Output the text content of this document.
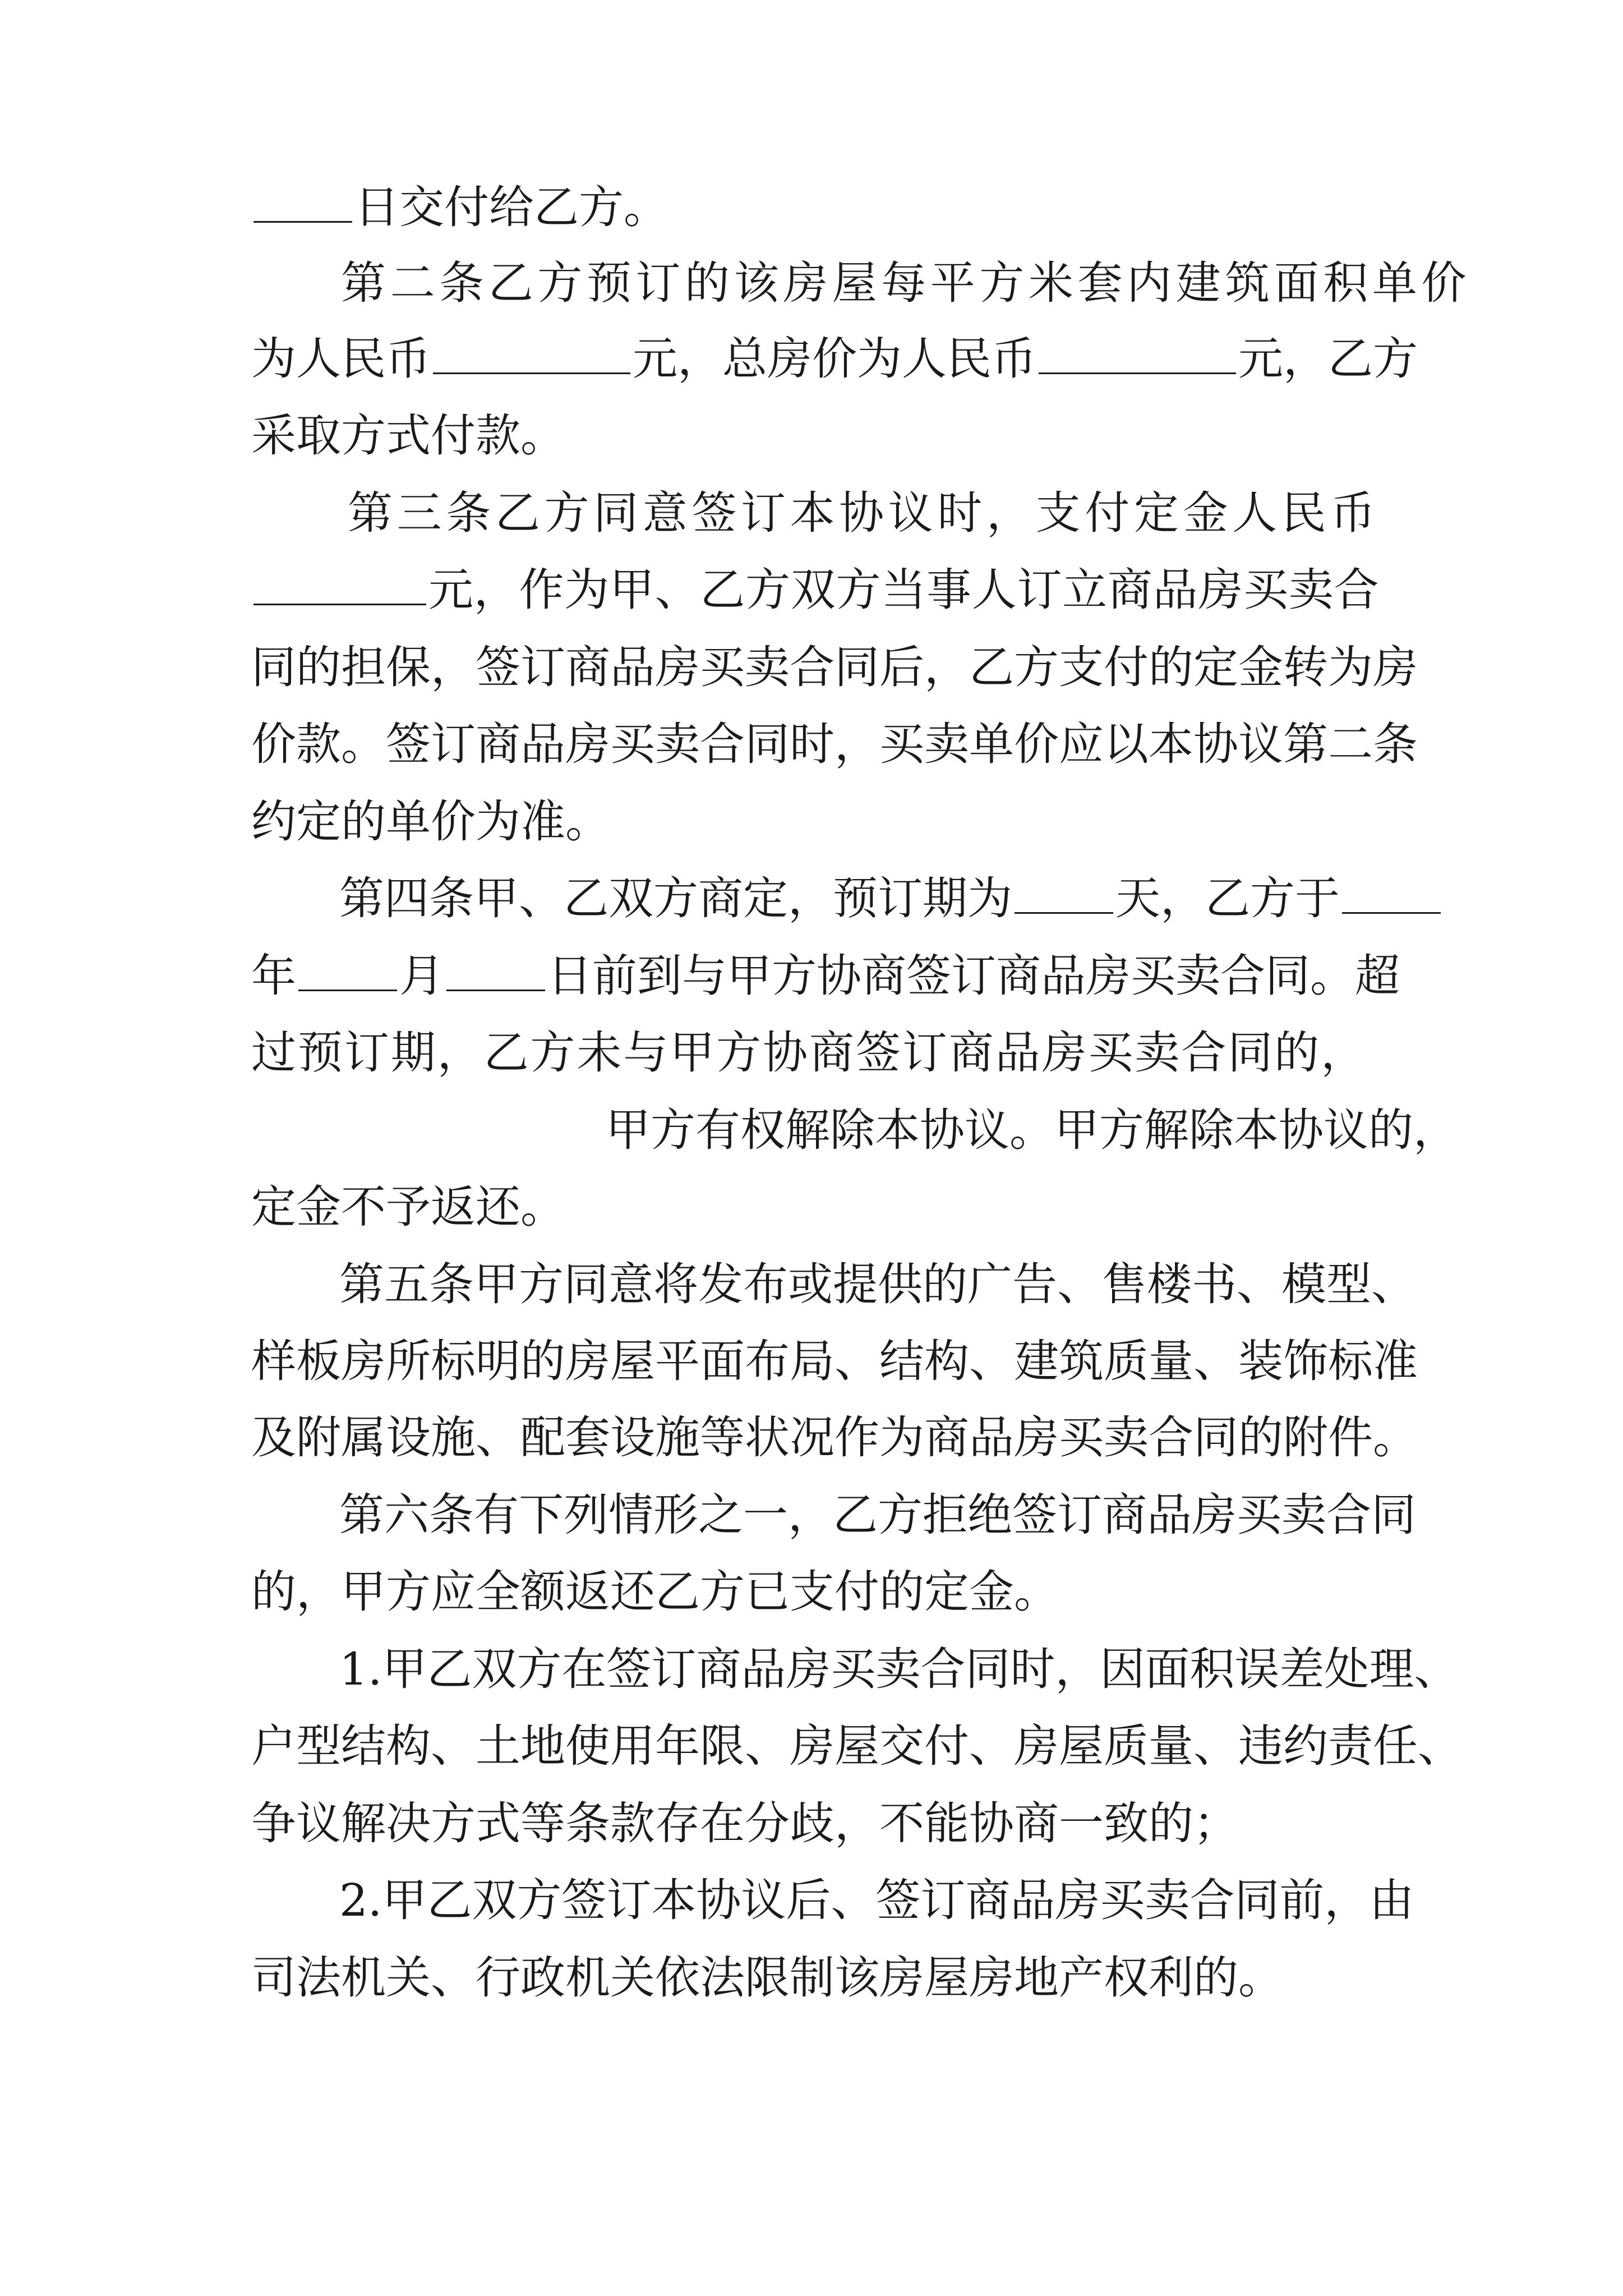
日交付给乙方。
第二条乙方预订的该房屋每平方米套内建筑面积单价
为人民币	元，总房价为人民币	元，乙方
采取方式付款。
第三条乙方同意签订本协议时，支付定金人民币
元，作为甲、乙方双方当事人订立商品房买卖合
同的担保，签订商品房买卖合同后，乙方支付的定金转为房
价款。签订商品房买卖合同时，买卖单价应以本协议第二条
约定的单价为准。
第四条甲、乙双方商定，预订期为 天，乙方于
年 月 日前到与甲方协商签订商品房买卖合同。超
过预订期，乙方未与甲方协商签订商品房买卖合同的，
甲方有权解除本协议。甲方解除本协议的，
定金不予返还。
第五条甲方同意将发布或提供的广告、售楼书、模型、
样板房所标明的房屋平面布局、结构、建筑质量、装饰标准
及附属设施、配套设施等状况作为商品房买卖合同的附件。
第六条有下列情形之一，乙方拒绝签订商品房买卖合同
的，甲方应全额返还乙方已支付的定金。
1.甲乙双方在签订商品房买卖合同时，因面积误差处理、
户型结构、土地使用年限、房屋交付、房屋质量、违约责任、
争议解决方式等条款存在分歧，不能协商一致的；
2.甲乙双方签订本协议后、签订商品房买卖合同前，由
司法机关、行政机关依法限制该房屋房地产权利的。
